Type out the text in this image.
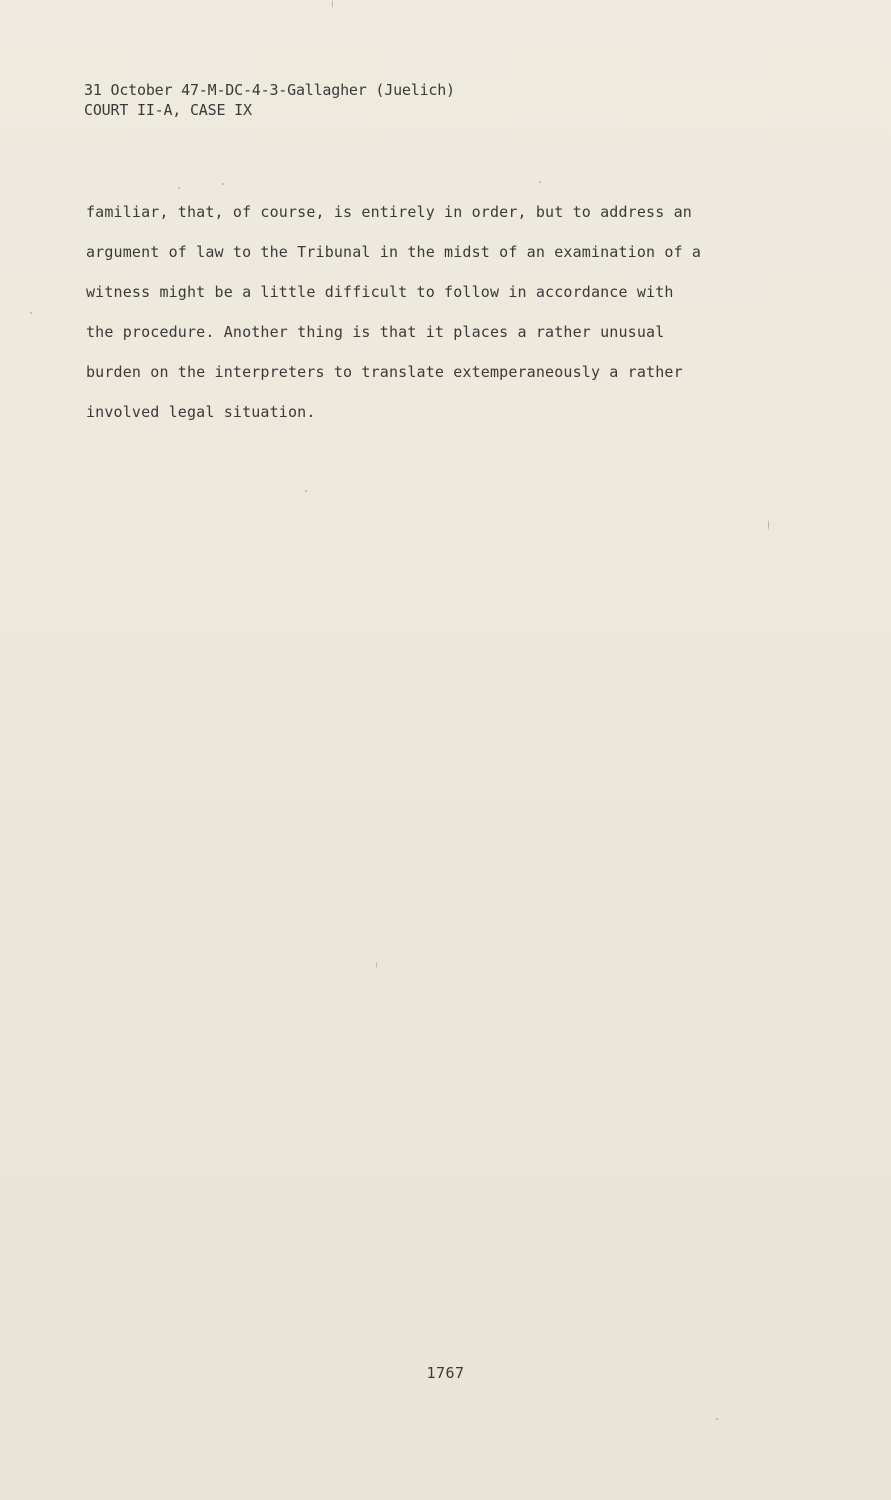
31 October 47-M-DC-4-3-Gallagher (Juelich)
COURT II-A, CASE IX
familiar, that, of course, is entirely in order, but to address an
argument of law to the Tribunal in the midst of an examination of a
witness might be a little difficult to follow in accordance with
the procedure. Another thing is that it places a rather unusual
burden on the interpreters to translate extemperaneously a rather
involved legal situation.
1767
